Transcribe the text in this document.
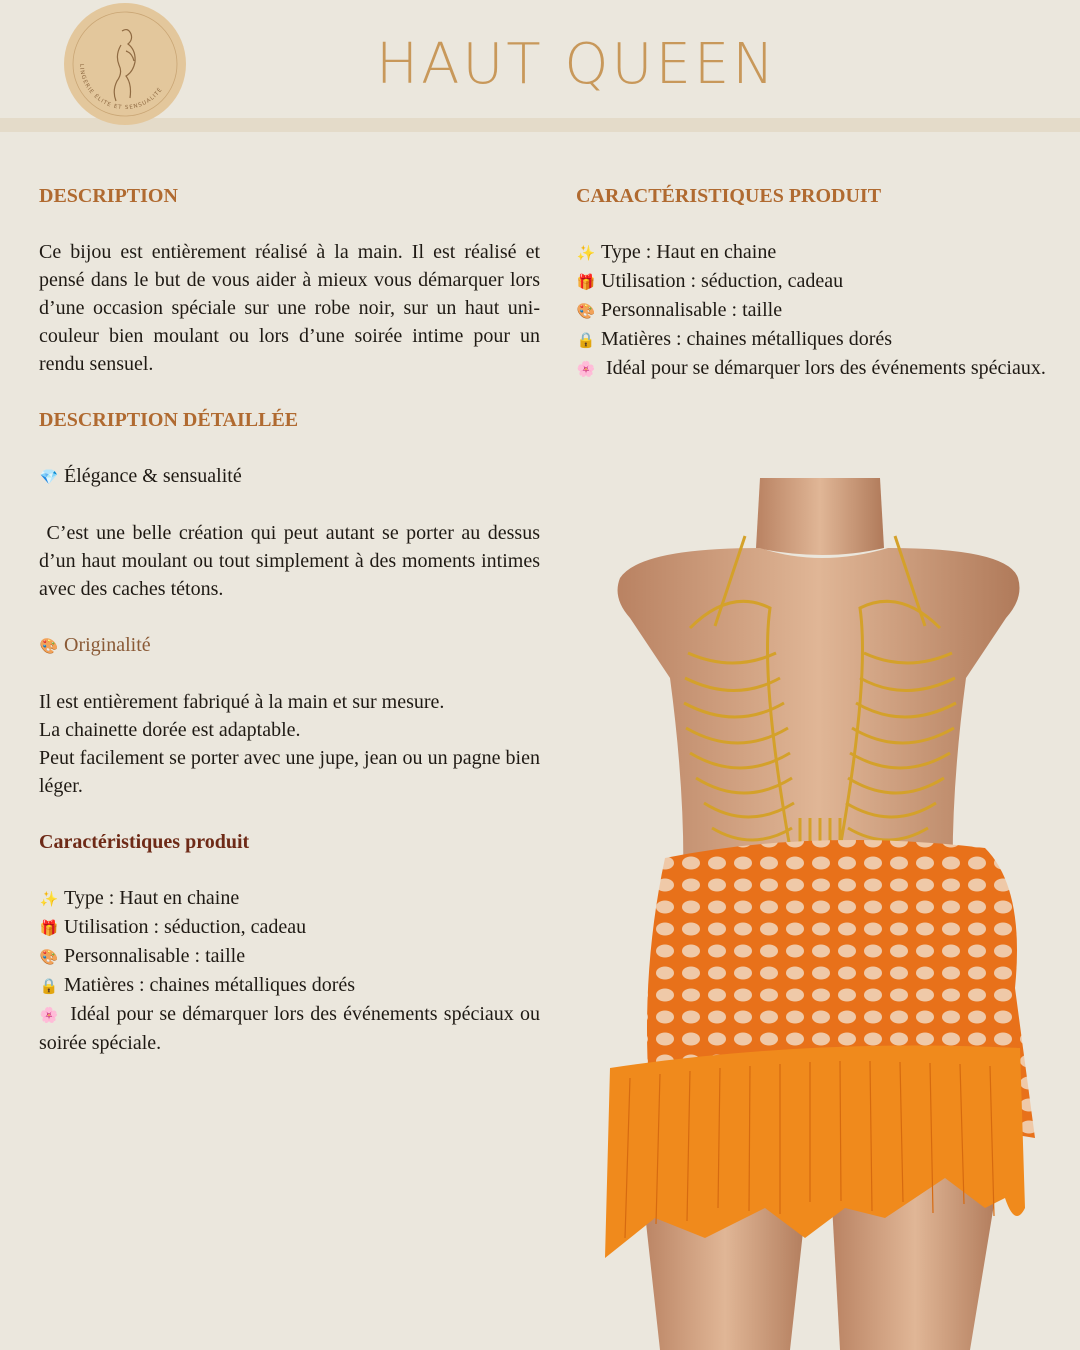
LINGERIE ÉLITE ET SENSUALITÉ	HAUT QUEEN
DESCRIPTION

Ce bijou est entièrement réalisé à la main. Il est réalisé et pensé dans le but de vous aider à mieux vous démarquer lors d’une occasion spéciale sur une robe noir, sur un haut uni-couleur bien moulant ou lors d’une soirée intime pour un rendu sensuel.

DESCRIPTION DÉTAILLÉE
💎 Élégance & sensualité

C’est une belle création qui peut autant se porter au dessus d’un haut moulant ou tout simplement à des moments intimes avec des caches tétons.

🎨 Originalité
Il est entièrement fabriqué à la main et sur mesure.
La chainette dorée est adaptable.

Peut facilement se porter avec une jupe, jean ou un pagne bien léger.

Caractéristiques produit
✨ Type : Haut en chaine
🎁 Utilisation : séduction, cadeau
🎨 Personnalisable : taille
🔒 Matières : chaines métalliques dorés

🌸 Idéal pour se démarquer lors des événements spéciaux ou soirée spéciale.

CARACTÉRISTIQUES PRODUIT
✨ Type : Haut en chaine
🎁 Utilisation : séduction, cadeau
🎨 Personnalisable : taille
🔒 Matières : chaines métalliques dorés

🌸 Idéal pour se démarquer lors des événements spéciaux.
